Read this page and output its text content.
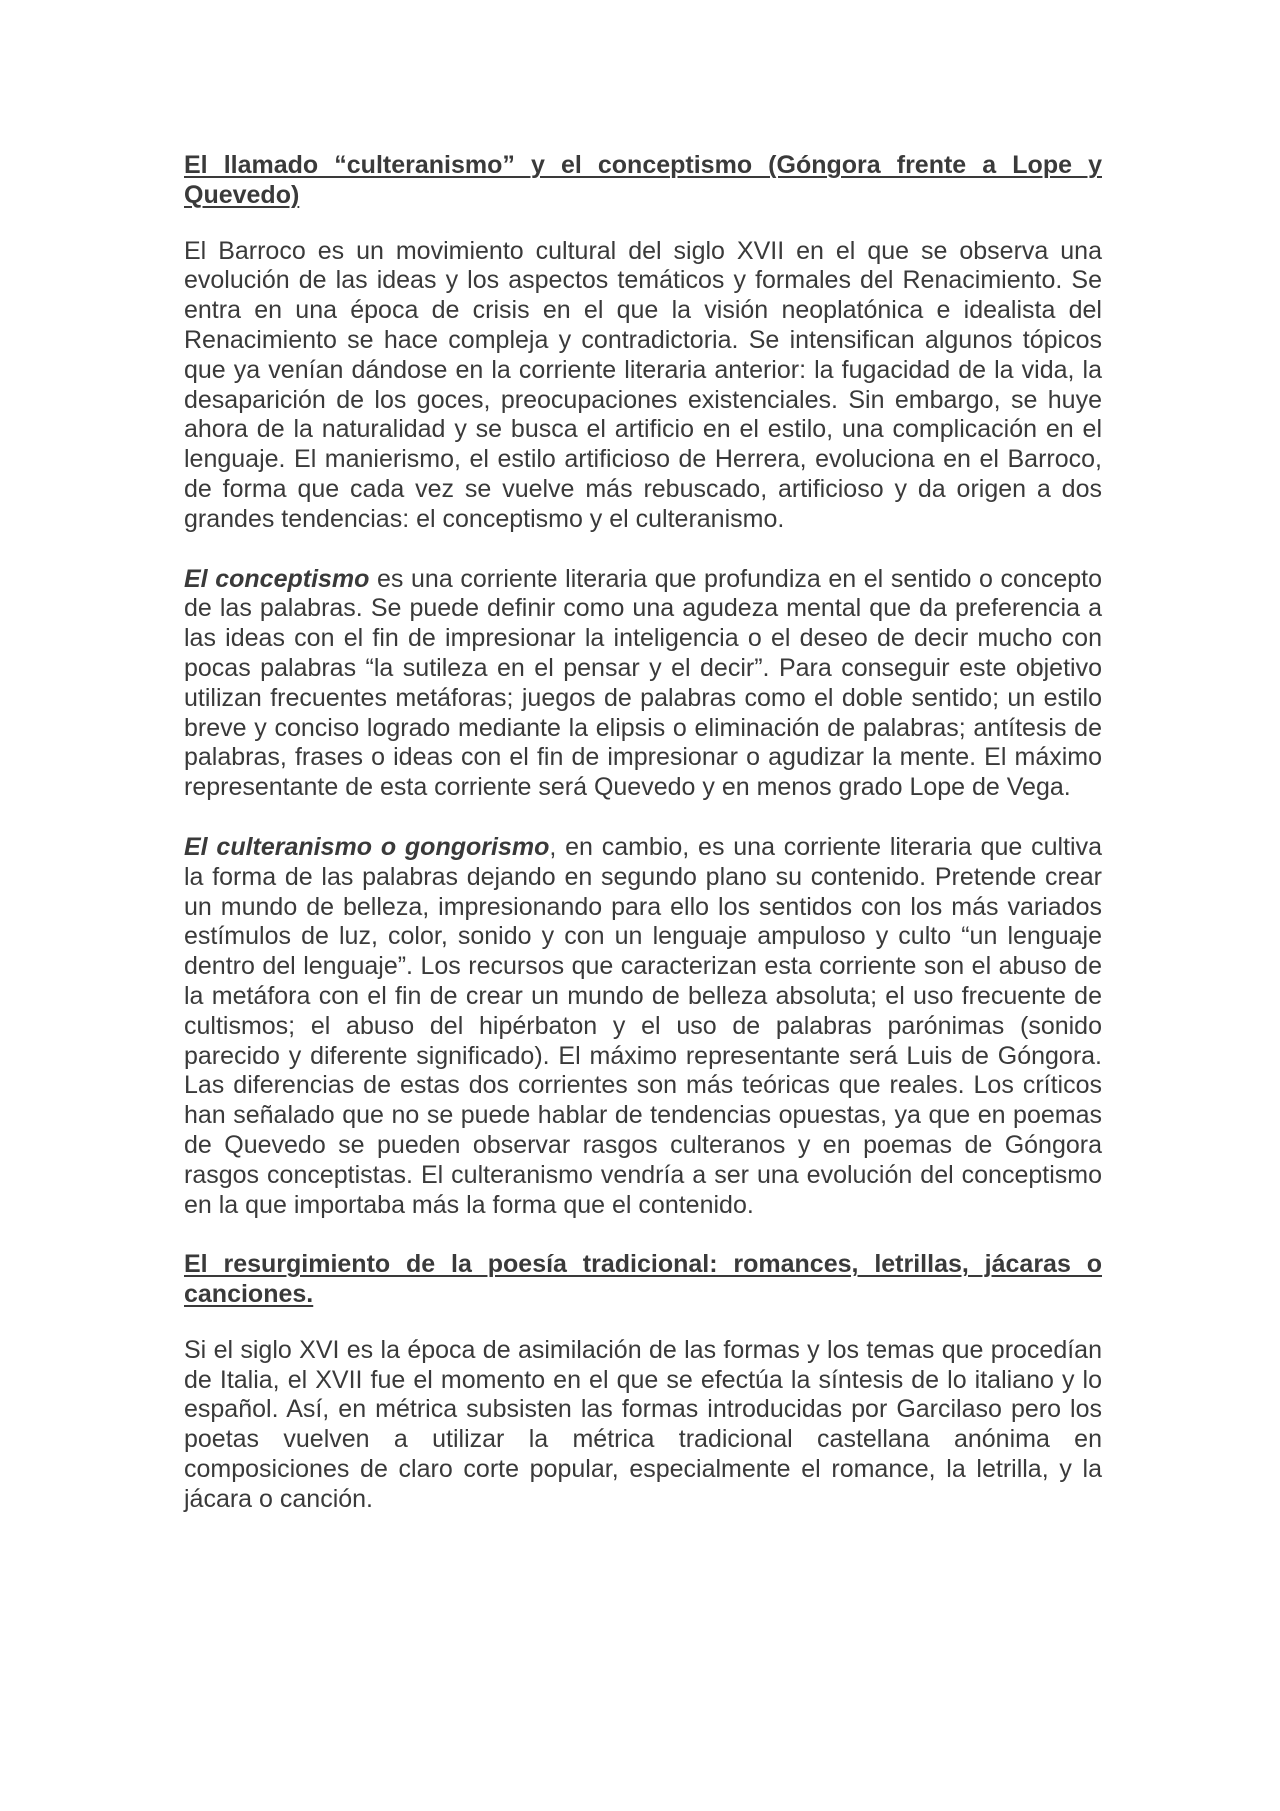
El llamado “culteranismo” y el conceptismo (Góngora frente a Lope y Quevedo)

El Barroco es un movimiento cultural del siglo XVII en el que se observa una evolución de las ideas y los aspectos temáticos y formales del Renacimiento. Se entra en una época de crisis en el que la visión neoplatónica e idealista del Renacimiento se hace compleja y contradictoria. Se intensifican algunos tópicos que ya venían dándose en la corriente literaria anterior: la fugacidad de la vida, la desaparición de los goces, preocupaciones existenciales. Sin embargo, se huye ahora de la naturalidad y se busca el artificio en el estilo, una complicación en el lenguaje. El manierismo, el estilo artificioso de Herrera, evoluciona en el Barroco, de forma que cada vez se vuelve más rebuscado, artificioso y da origen a dos grandes tendencias: el conceptismo y el culteranismo.

El conceptismo es una corriente literaria que profundiza en el sentido o concepto de las palabras. Se puede definir como una agudeza mental que da preferencia a las ideas con el fin de impresionar la inteligencia o el deseo de decir mucho con pocas palabras “la sutileza en el pensar y el decir”. Para conseguir este objetivo utilizan frecuentes metáforas; juegos de palabras como el doble sentido; un estilo breve y conciso logrado mediante la elipsis o eliminación de palabras; antítesis de palabras, frases o ideas con el fin de impresionar o agudizar la mente. El máximo representante de esta corriente será Quevedo y en menos grado Lope de Vega.

El culteranismo o gongorismo, en cambio, es una corriente literaria que cultiva la forma de las palabras dejando en segundo plano su contenido. Pretende crear un mundo de belleza, impresionando para ello los sentidos con los más variados estímulos de luz, color, sonido y con un lenguaje ampuloso y culto “un lenguaje dentro del lenguaje”. Los recursos que caracterizan esta corriente son el abuso de la metáfora con el fin de crear un mundo de belleza absoluta; el uso frecuente de cultismos; el abuso del hipérbaton y el uso de palabras parónimas (sonido parecido y diferente significado). El máximo representante será Luis de Góngora. Las diferencias de estas dos corrientes son más teóricas que reales. Los críticos han señalado que no se puede hablar de tendencias opuestas, ya que en poemas de Quevedo se pueden observar rasgos culteranos y en poemas de Góngora rasgos conceptistas. El culteranismo vendría a ser una evolución del conceptismo en la que importaba más la forma que el contenido.

El resurgimiento de la poesía tradicional: romances, letrillas, jácaras o canciones.

Si el siglo XVI es la época de asimilación de las formas y los temas que procedían de Italia, el XVII fue el momento en el que se efectúa la síntesis de lo italiano y lo español. Así, en métrica subsisten las formas introducidas por Garcilaso pero los poetas vuelven a utilizar la métrica tradicional castellana anónima en composiciones de claro corte popular, especialmente el romance, la letrilla, y la jácara o canción.
